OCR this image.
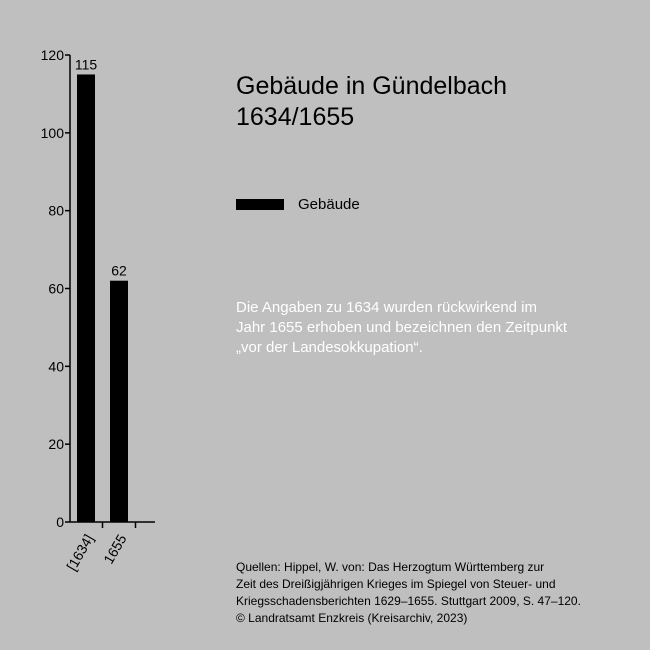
0
20
40
60
80
100
120
[1634] 1655
115
62
Gebäude in Gündelbach
1634/1655
Gebäude
Die Angaben zu 1634 wurden rückwirkend im
Jahr 1655 erhoben und bezeichnen den Zeitpunkt
„vor der Landesokkupation“.
Quellen: Hippel, W. von: Das Herzogtum Württemberg zur
Zeit des Dreißigjährigen Krieges im Spiegel von Steuer- und
Kriegsschadensberichten 1629–1655. Stuttgart 2009, S. 47–120.
© Landratsamt Enzkreis (Kreisarchiv, 2023)
